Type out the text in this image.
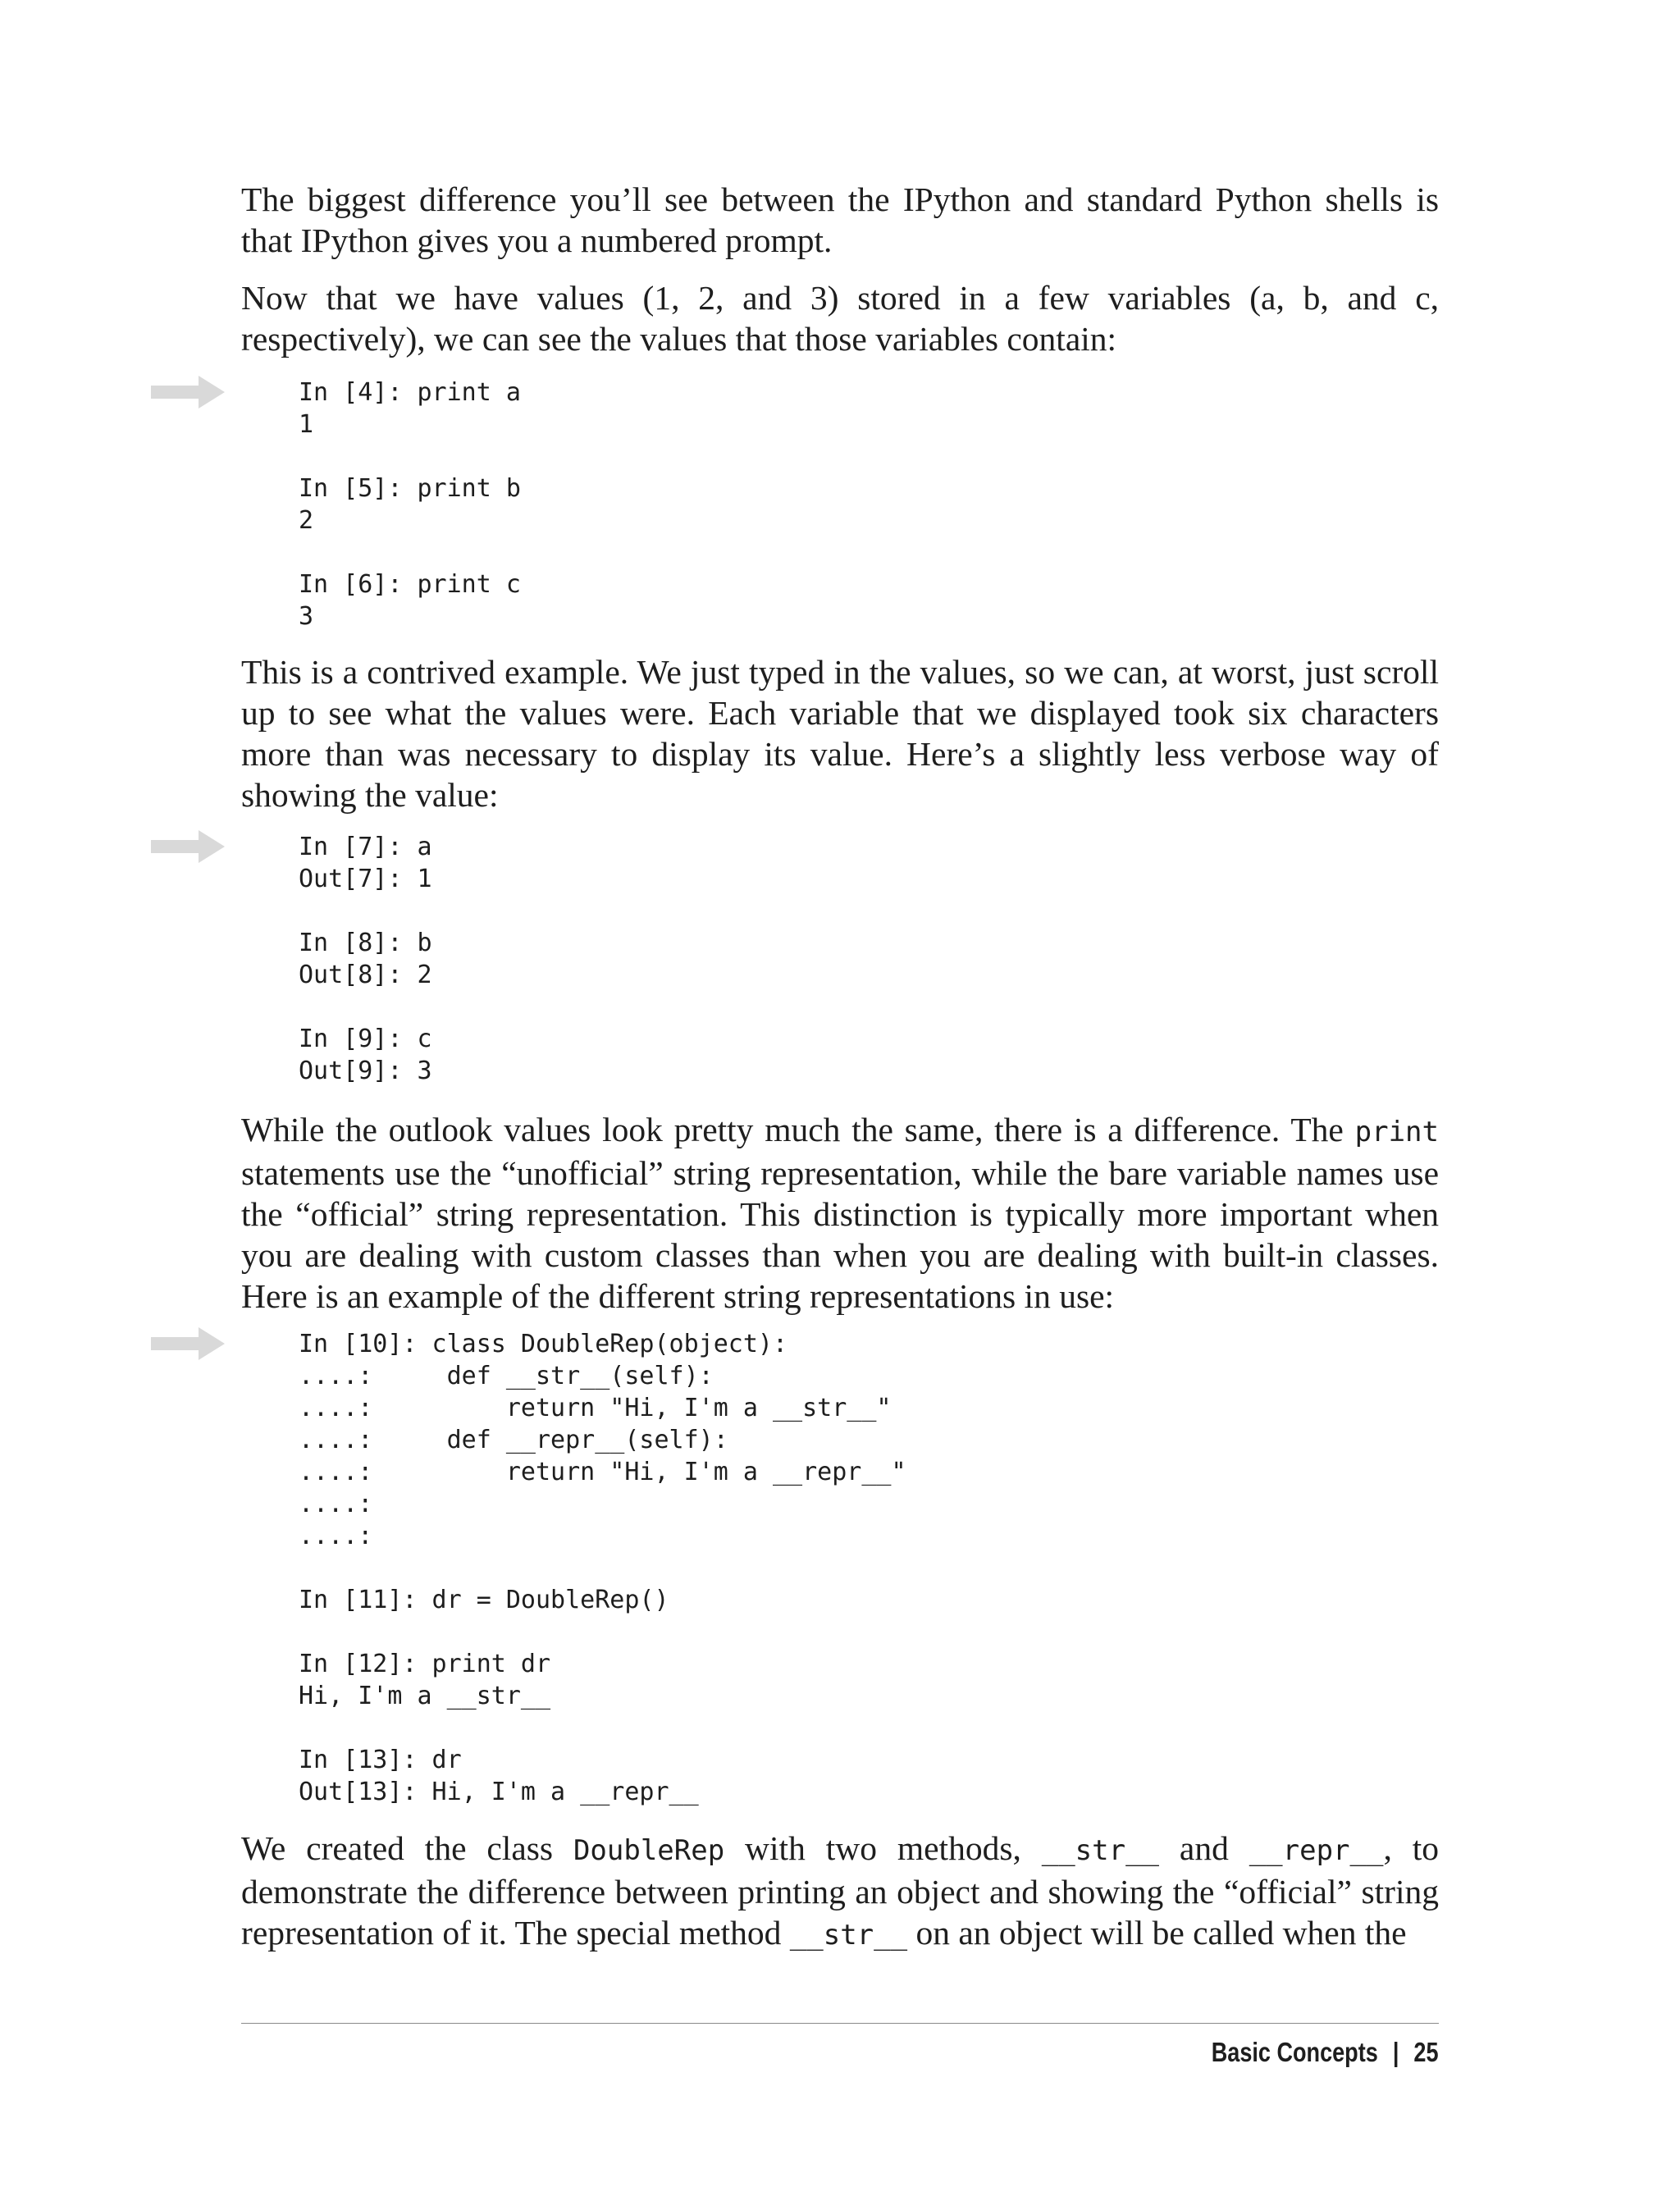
The biggest difference you’ll see between the IPython and standard Python shells is that IPython gives you a numbered prompt.

Now that we have values (1, 2, and 3) stored in a few variables (a, b, and c, respectively), we can see the values that those variables contain:

In [4]: print a
1

In [5]: print b
2

In [6]: print c
3

This is a contrived example. We just typed in the values, so we can, at worst, just scroll up to see what the values were. Each variable that we displayed took six characters more than was necessary to display its value. Here’s a slightly less verbose way of showing the value:

In [7]: a
Out[7]: 1

In [8]: b
Out[8]: 2

In [9]: c
Out[9]: 3

While the outlook values look pretty much the same, there is a difference. The print statements use the “unofficial” string representation, while the bare variable names use the “official” string representation. This distinction is typically more important when you are dealing with custom classes than when you are dealing with built-in classes. Here is an example of the different string representations in use:

In [10]: class DoubleRep(object):
....:     def __str__(self):
....:         return "Hi, I'm a __str__"
....:     def __repr__(self):
....:         return "Hi, I'm a __repr__"
....:
....:

In [11]: dr = DoubleRep()

In [12]: print dr
Hi, I'm a __str__

In [13]: dr
Out[13]: Hi, I'm a __repr__

We created the class DoubleRep with two methods, __str__ and __repr__, to demonstrate the difference between printing an object and showing the “official” string representation of it. The special method __str__ on an object will be called when the

Basic Concepts | 25
